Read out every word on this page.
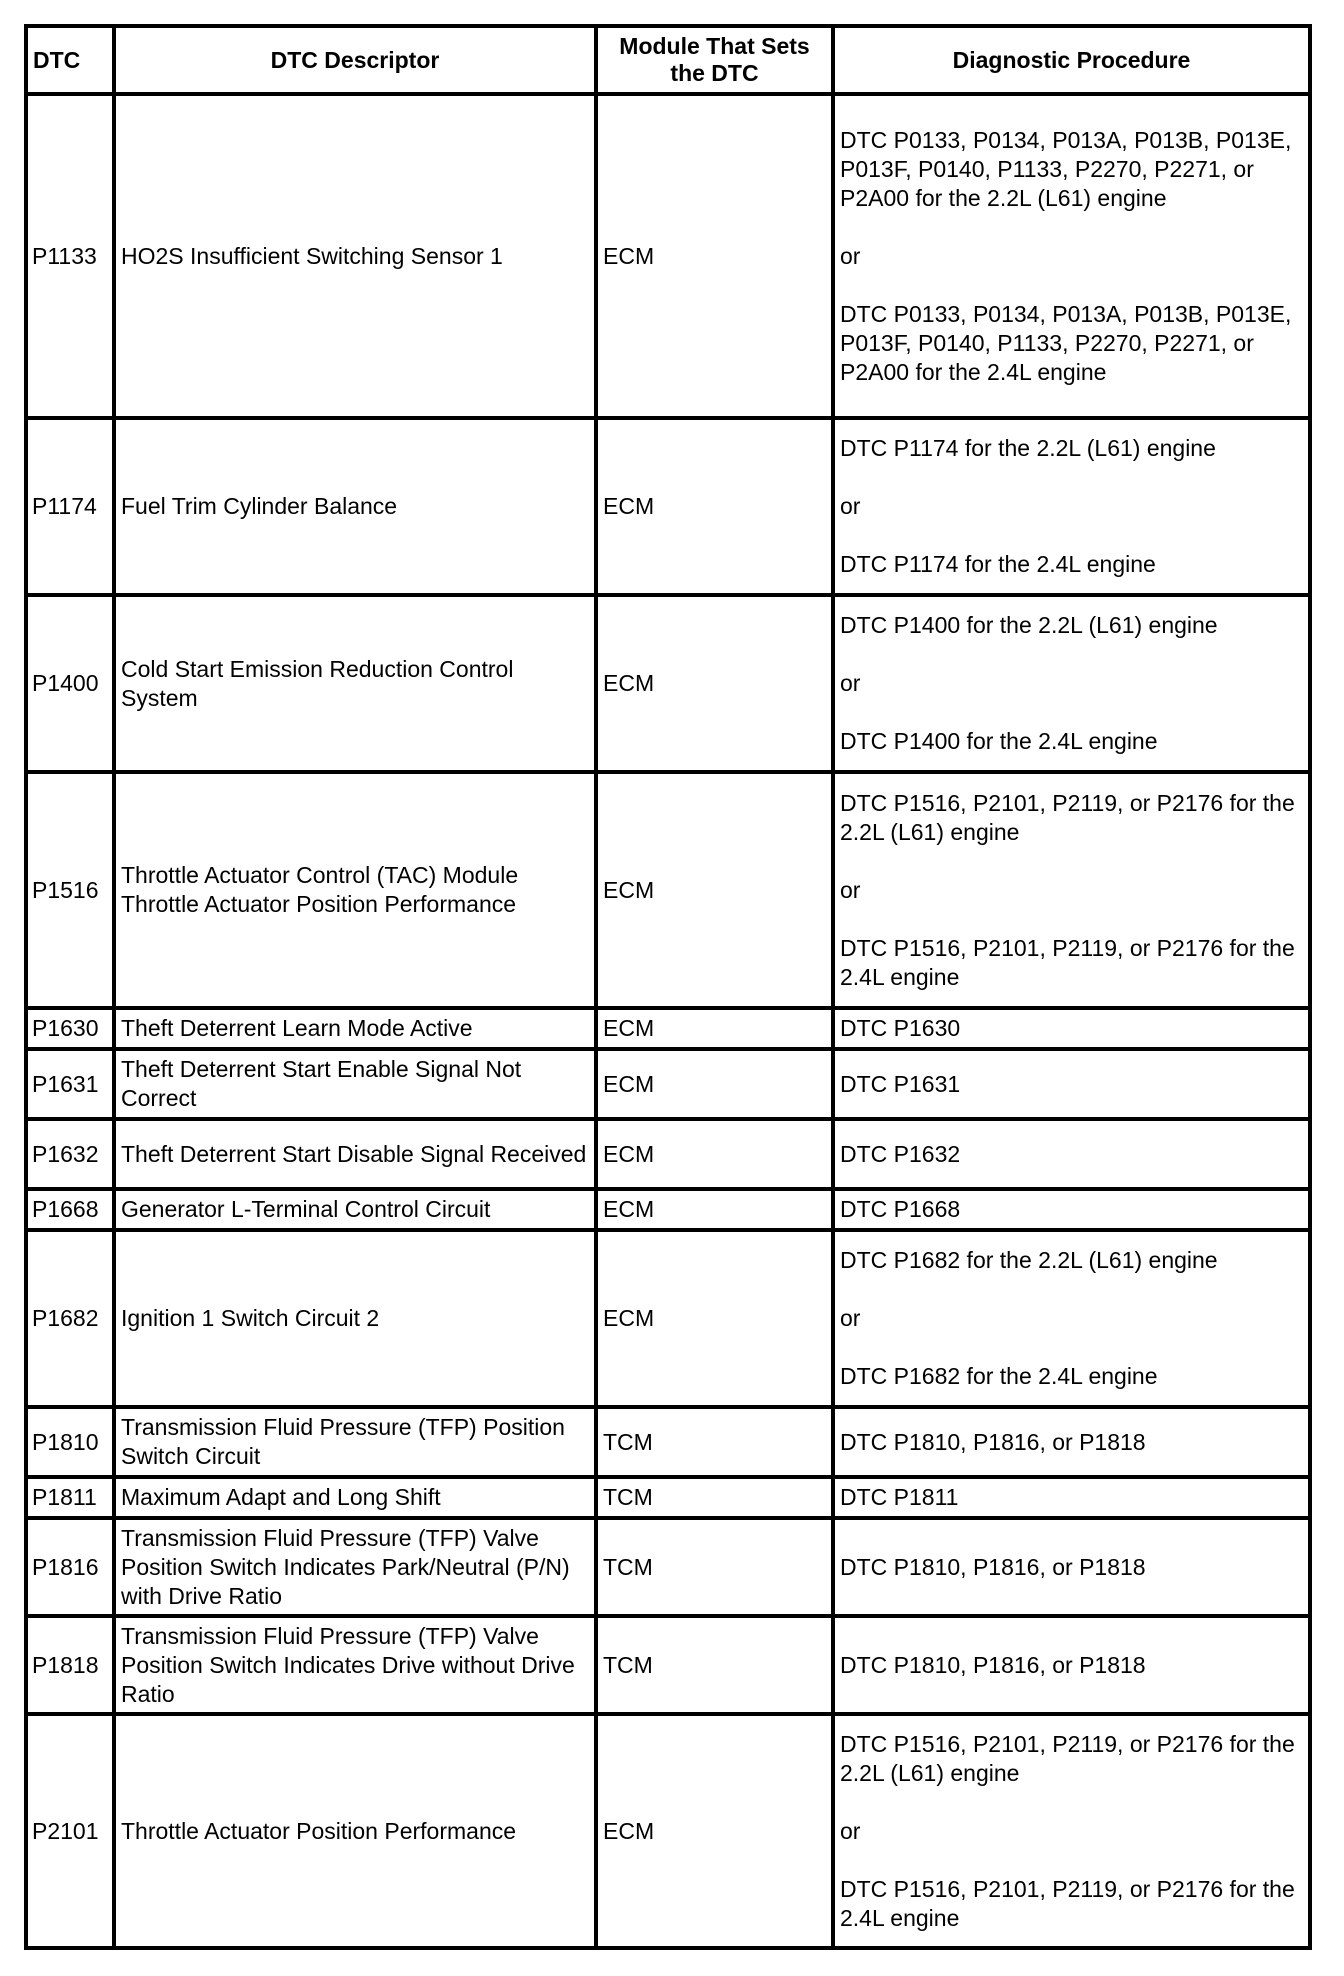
DTC	DTC Descriptor	Module That Sets the DTC	Diagnostic Procedure
P1133	HO2S Insufficient Switching Sensor 1	ECM	DTC P0133, P0134, P013A, P013B, P013E, P013F, P0140, P1133, P2270, P2271, or P2A00 for the 2.2L (L61) engine
or
DTC P0133, P0134, P013A, P013B, P013E, P013F, P0140, P1133, P2270, P2271, or P2A00 for the 2.4L engine

P1174	Fuel Trim Cylinder Balance	ECM	DTC P1174 for the 2.2L (L61) engine
or
DTC P1174 for the 2.4L engine

P1400	Cold Start Emission Reduction Control System	ECM	DTC P1400 for the 2.2L (L61) engine
or
DTC P1400 for the 2.4L engine

P1516	Throttle Actuator Control (TAC) Module Throttle Actuator Position Performance	ECM	DTC P1516, P2101, P2119, or P2176 for the 2.2L (L61) engine
or
DTC P1516, P2101, P2119, or P2176 for the 2.4L engine

P1630	Theft Deterrent Learn Mode Active	ECM	DTC P1630
P1631	Theft Deterrent Start Enable Signal Not Correct	ECM	DTC P1631
P1632	Theft Deterrent Start Disable Signal Received	ECM	DTC P1632
P1668	Generator L-Terminal Control Circuit	ECM	DTC P1668
P1682	Ignition 1 Switch Circuit 2	ECM	DTC P1682 for the 2.2L (L61) engine
or
DTC P1682 for the 2.4L engine

P1810	Transmission Fluid Pressure (TFP) Position Switch Circuit	TCM	DTC P1810, P1816, or P1818
P1811	Maximum Adapt and Long Shift	TCM	DTC P1811
P1816	Transmission Fluid Pressure (TFP) Valve Position Switch Indicates Park/Neutral (P/N) with Drive Ratio	TCM	DTC P1810, P1816, or P1818
P1818	Transmission Fluid Pressure (TFP) Valve Position Switch Indicates Drive without Drive Ratio	TCM	DTC P1810, P1816, or P1818
P2101	Throttle Actuator Position Performance	ECM	DTC P1516, P2101, P2119, or P2176 for the 2.2L (L61) engine
or
DTC P1516, P2101, P2119, or P2176 for the 2.4L engine
